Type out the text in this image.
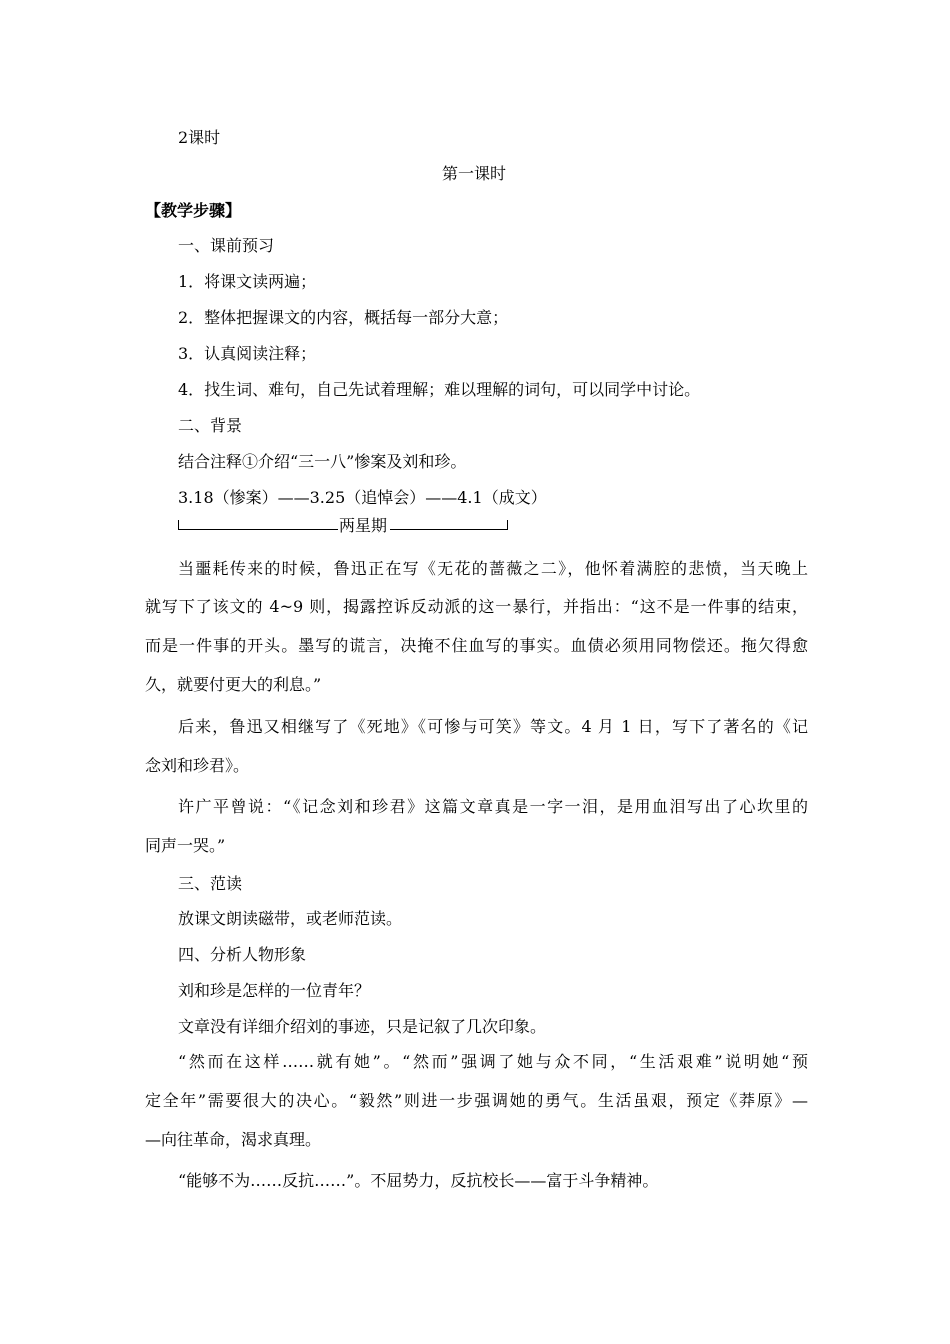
2课时
第一课时
【教学步骤】
一、课前预习
1．将课文读两遍；
2．整体把握课文的内容，概括每一部分大意；
3．认真阅读注释；
4．找生词、难句，自己先试着理解；难以理解的词句，可以同学中讨论。
二、背景
结合注释①介绍“三一八”惨案及刘和珍。
3.18（惨案）——3.25（追悼会）——4.1（成文）
两星期
当噩耗传来的时候，鲁迅正在写《无花的蔷薇之二》，他怀着满腔的悲愤，当天晚上
就写下了该文的 4~9 则，揭露控诉反动派的这一暴行，并指出：“这不是一件事的结束，
而是一件事的开头。墨写的谎言，决掩不住血写的事实。血债必须用同物偿还。拖欠得愈
久，就要付更大的利息。”
后来，鲁迅又相继写了《死地》《可惨与可笑》等文。4 月 1 日，写下了著名的《记
念刘和珍君》。
许广平曾说：“《记念刘和珍君》这篇文章真是一字一泪，是用血泪写出了心坎里的
同声一哭。”
三、范读
放课文朗读磁带，或老师范读。
四、分析人物形象
刘和珍是怎样的一位青年？
文章没有详细介绍刘的事迹，只是记叙了几次印象。
“然而在这样……就有她”。“然而”强调了她与众不同，“生活艰难”说明她“预
定全年”需要很大的决心。“毅然”则进一步强调她的勇气。生活虽艰，预定《莽原》—
—向往革命，渴求真理。
“能够不为……反抗……”。不屈势力，反抗校长——富于斗争精神。
